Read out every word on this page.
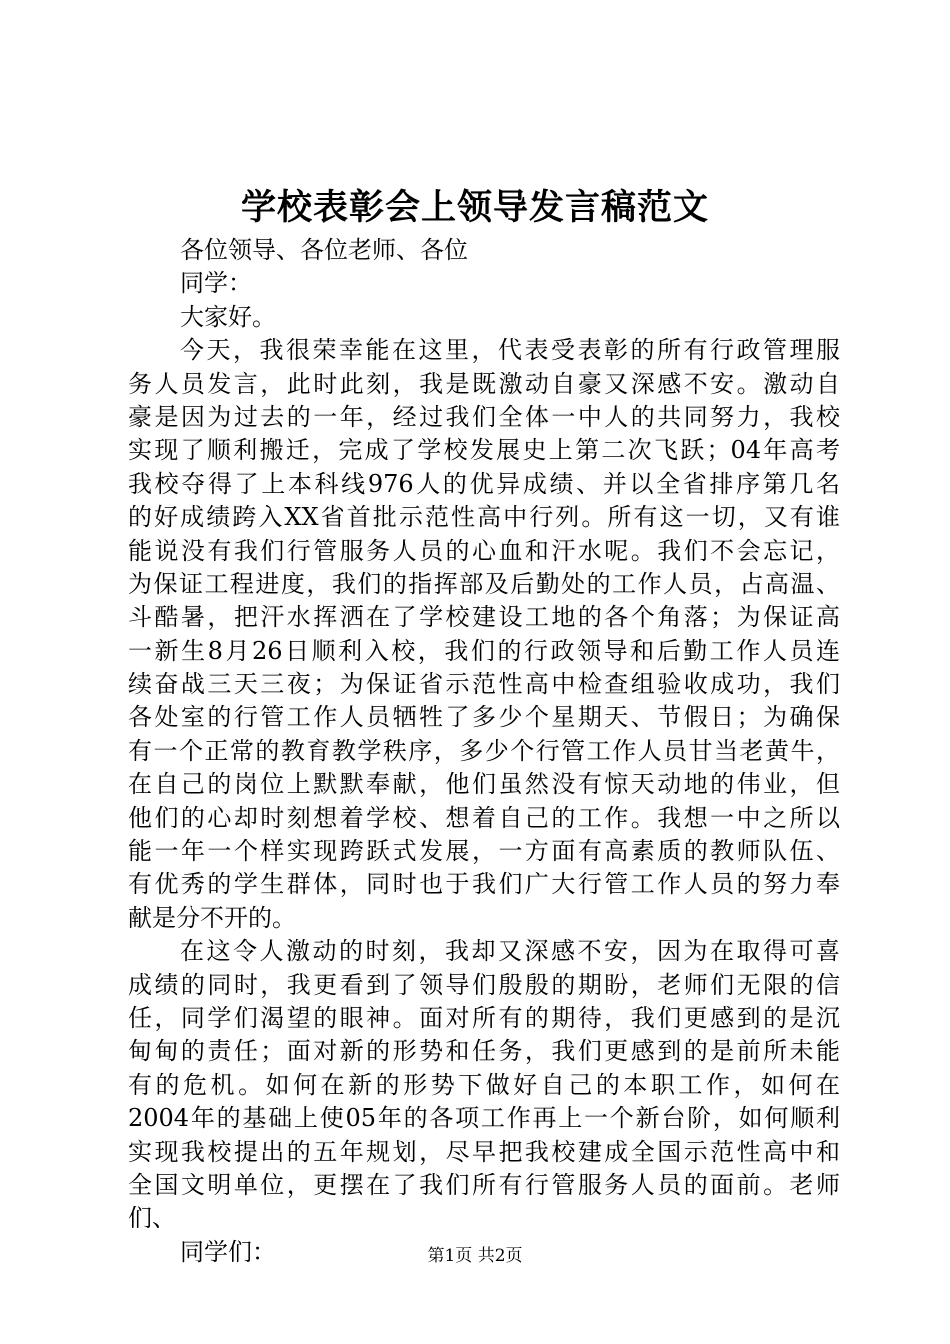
学校表彰会上领导发言稿范文
各位领导、各位老师、各位
同学：
大家好。
今天，我很荣幸能在这里，代表受表彰的所有行政管理服
务人员发言，此时此刻，我是既激动自豪又深感不安。激动自
豪是因为过去的一年，经过我们全体一中人的共同努力，我校
实现了顺利搬迁，完成了学校发展史上第二次飞跃；04年高考
我校夺得了上本科线976人的优异成绩、并以全省排序第几名
的好成绩跨入XX省首批示范性高中行列。所有这一切，又有谁
能说没有我们行管服务人员的心血和汗水呢。我们不会忘记，
为保证工程进度，我们的指挥部及后勤处的工作人员，占高温、
斗酷暑，把汗水挥洒在了学校建设工地的各个角落；为保证高
一新生8月26日顺利入校，我们的行政领导和后勤工作人员连
续奋战三天三夜；为保证省示范性高中检查组验收成功，我们
各处室的行管工作人员牺牲了多少个星期天、节假日；为确保
有一个正常的教育教学秩序，多少个行管工作人员甘当老黄牛，
在自己的岗位上默默奉献，他们虽然没有惊天动地的伟业，但
他们的心却时刻想着学校、想着自己的工作。我想一中之所以
能一年一个样实现跨跃式发展，一方面有高素质的教师队伍、
有优秀的学生群体，同时也于我们广大行管工作人员的努力奉
献是分不开的。
在这令人激动的时刻，我却又深感不安，因为在取得可喜
成绩的同时，我更看到了领导们殷殷的期盼，老师们无限的信
任，同学们渴望的眼神。面对所有的期待，我们更感到的是沉
甸甸的责任；面对新的形势和任务，我们更感到的是前所未能
有的危机。如何在新的形势下做好自己的本职工作，如何在
2004年的基础上使05年的各项工作再上一个新台阶，如何顺利
实现我校提出的五年规划，尽早把我校建成全国示范性高中和
全国文明单位，更摆在了我们所有行管服务人员的面前。老师
们、
同学们：	第1页 共2页
